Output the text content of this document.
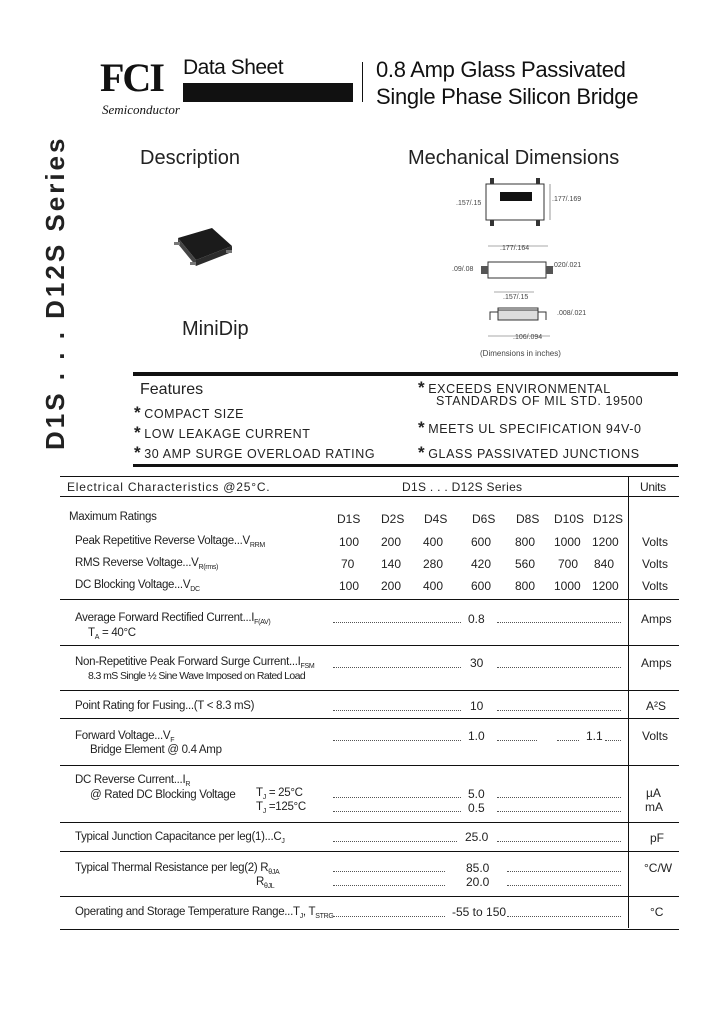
FCI
Semiconductor
Data Sheet	0.8 Amp Glass Passivated
Single Phase Silicon Bridge
D1S . . . D12S Series	Description
MiniDip
Mechanical Dimensions
.157/.15
.177/.169
.177/.164
.09/.08
.020/.021
.157/.15
.008/.021
.106/.094
(Dimensions in inches)
Features
* COMPACT SIZE
* LOW LEAKAGE CURRENT
* 30 AMP SURGE OVERLOAD RATING
* EXCEEDS ENVIRONMENTAL
STANDARDS OF MIL STD. 19500
* MEETS UL SPECIFICATION 94V-0
* GLASS PASSIVATED JUNCTIONS
Electrical Characteristics @25°C.	D1S . . . D12S Series	Units
Maximum Ratings	D1S D2S D4S D6S D8S D10S D12S
Peak Repetitive Reverse $Voltage...V_{RRM}$	100 200 400 600 800 1000 1200 Volts
RMS Reverse $Voltage...V_{R(rms)}$	70 140 280 420 560 700 840 Volts
DC Blocking $Voltage...V_{DC}$	100 200 400 600 800 1000 1200 Volts
Average Forward Rectified $Current...I_{F(AV)}$
$T_A = 40^\circ C$
0.8	Amps
Non-Repetitive Peak Forward Surge $Current...I_{FSM}$
8.3 mS Single ½ Sine Wave Imposed on Rated Load
30	Amps
Point Rating for Fusing...(T < 8.3 mS)	10	A²S
Forward $Voltage...V_F$
Bridge Element @ 0.4 Amp
1.0	1.1	Volts
DC Reverse $Current...I_R$
@ Rated DC Blocking Voltage $T_J = 25^\circ C$
$T_J =125^\circ C$
5.0	µA
0.5	mA
Typical Junction Capacitance per $leg(1)...C_J$	25.0	pF
Typical Thermal Resistance per leg(2) $R_{\theta JA}$
$R_{\theta JL}$
85.0
20.0
°C/W
Operating and Storage Temperature $Range...T_J$, $T_{STRG}$	-55 to 150	°C
